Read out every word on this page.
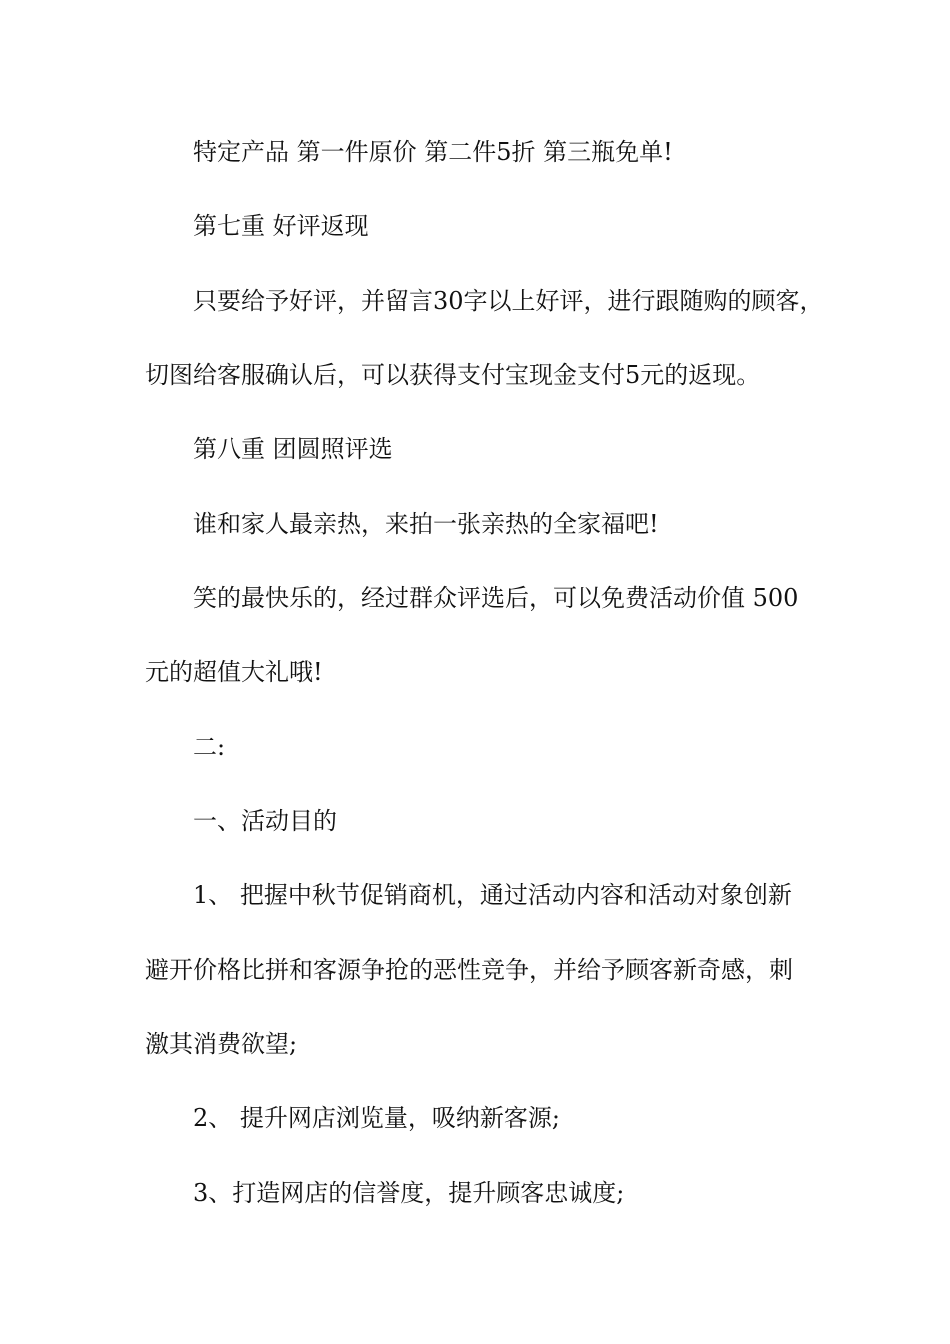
特定产品 第一件原价 第二件5折 第三瓶免单!
第七重 好评返现
只要给予好评，并留言30字以上好评，进行跟随购的顾客，
切图给客服确认后，可以获得支付宝现金支付5元的返现。
第八重 团圆照评选
谁和家人最亲热，来拍一张亲热的全家福吧!
笑的最快乐的，经过群众评选后，可以免费活动价值 500
元的超值大礼哦!
二:
一、活动目的
1、 把握中秋节促销商机，通过活动内容和活动对象创新
避开价格比拼和客源争抢的恶性竞争，并给予顾客新奇感，刺
激其消费欲望;
2、 提升网店浏览量，吸纳新客源;
3、打造网店的信誉度，提升顾客忠诚度;
